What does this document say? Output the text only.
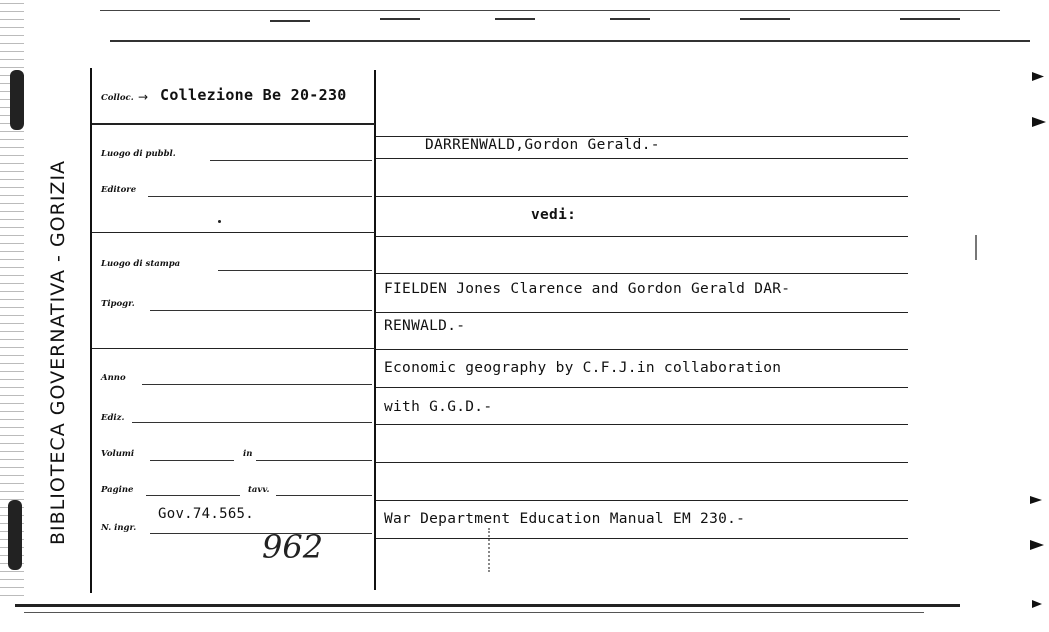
BIBLIOTECA GOVERNATIVA - GORIZIA
Colloc. → Collezione Be 20-230
Luogo di pubbl.
Editore
Luogo di stampa
Tipogr.
Anno
Ediz.
Volumi	in
Pagine	tavv.
N. ingr.
Gov.74.565.
962
DARRENWALD,Gordon Gerald.-
vedi:
FIELDEN Jones Clarence and Gordon Gerald DAR-
RENWALD.-
Economic geography by C.F.J.in collaboration
with G.G.D.-
War Department Education Manual EM 230.-
